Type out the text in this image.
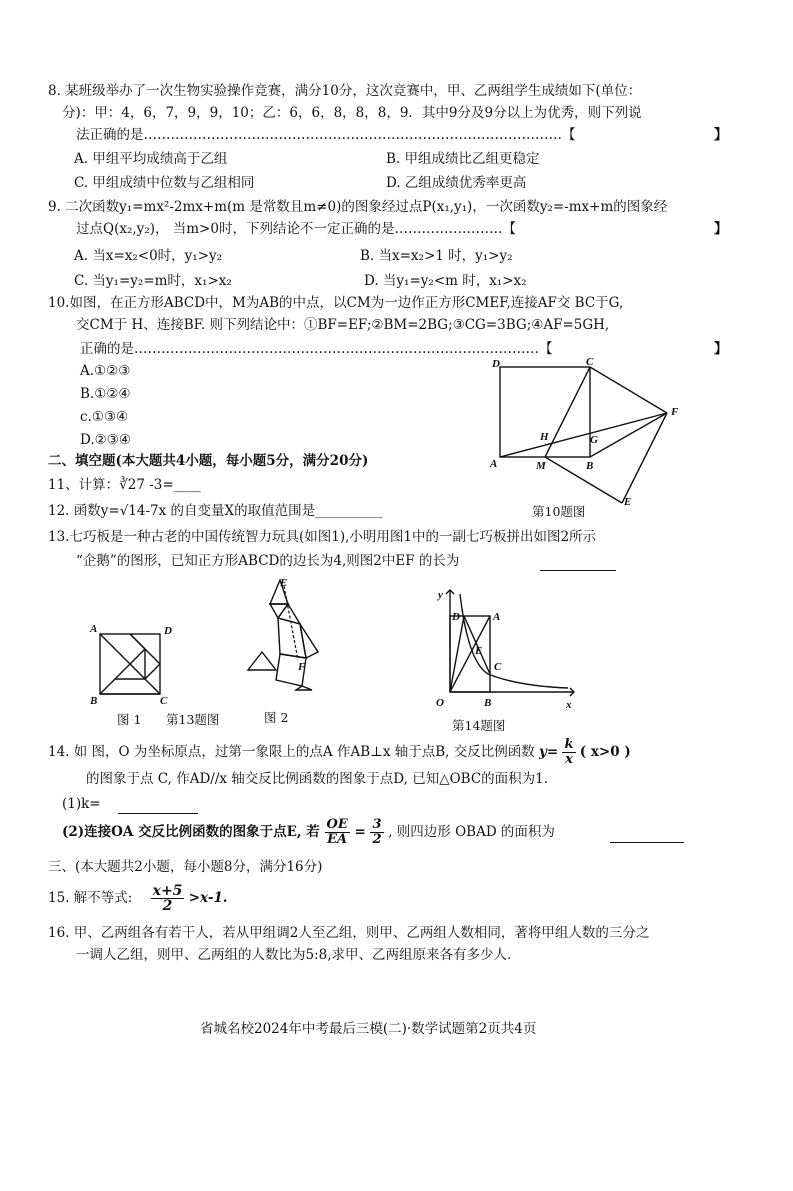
8. 某班级举办了一次生物实验操作竞赛，满分10分，这次竞赛中，甲、乙两组学生成绩如下(单位：
分)：甲：4，6，7，9，9，10；乙：6，6，8，8，8，9．其中9分及9分以上为优秀，则下列说
法正确的是…………………………………………………………………………………【	】
A. 甲组平均成绩高于乙组	B. 甲组成绩比乙组更稳定
C. 甲组成绩中位数与乙组相同	D. 乙组成绩优秀率更高
9. 二次函数y₁=mx²-2mx+m(m 是常数且m≠0)的图象经过点P(x₁,y₁)，一次函数y₂=-mx+m的图象经
过点Q(x₂,y₂)， 当m>0时，下列结论不一定正确的是……………………【	】
A. 当x=x₂<0时，y₁>y₂	B. 当x=x₂>1 时，y₁>y₂
C. 当y₁=y₂=m时，x₁>x₂	D. 当y₁=y₂<m 时，x₁>x₂
10.如图，在正方形ABCD中，M为AB的中点，以CM为一边作正方形CMEF,连接AF交 BC于G,
交CM于 H、连接BF. 则下列结论中：①BF=EF;②BM=2BG;③CG=3BG;④AF=5GH,
正确的是………………………………………………………………………………【	】
A.①②③
B.①②④
c.①③④
D.②③④
D	C
F
H	G
A	M	B
E
第10题图
二、填空题(本大题共4小题，每小题5分，满分20分)
11、计算：∛27 -3=____
12. 函数y=√14-7x 的自变量X的取值范围是__________
13.七巧板是一种古老的中国传统智力玩具(如图1),小明用图1中的一副七巧板拼出如图2所示
“企鹅”的图形，已知正方形ABCD的边长为4,则图2中EF 的长为
A	D
B	C
E
F
图 1 第13题图	图 2
y
D	A
E
C
O	B	x
第14题图
14. 如 图，O 为坐标原点，过第一象限上的点A 作AB⊥x 轴于点B, 交反比例函数 $y= \frac{k}{x}$ ( x>0 )
的图象于点 C, 作AD//x 轴交反比例函数的图象于点D, 已知△OBC的面积为1.
(1)k=
(2)连接OA 交反比例函数的图象于点E, 若 $\frac{OE}{EA} = \frac{3}{2}$ , 则四边形 OBAD 的面积为
三、(本大题共2小题，每小题8分，满分16分)
15. 解不等式: $\frac{x+5}{2} >x-1$.
16. 甲、乙两组各有若干人，若从甲组调2人至乙组，则甲、乙两组人数相同，著将甲组人数的三分之
一调人乙组，则甲、乙两组的人数比为5:8,求甲、乙两组原来各有多少人.
省城名校2024年中考最后三模(二)·数学试题第2页共4页
